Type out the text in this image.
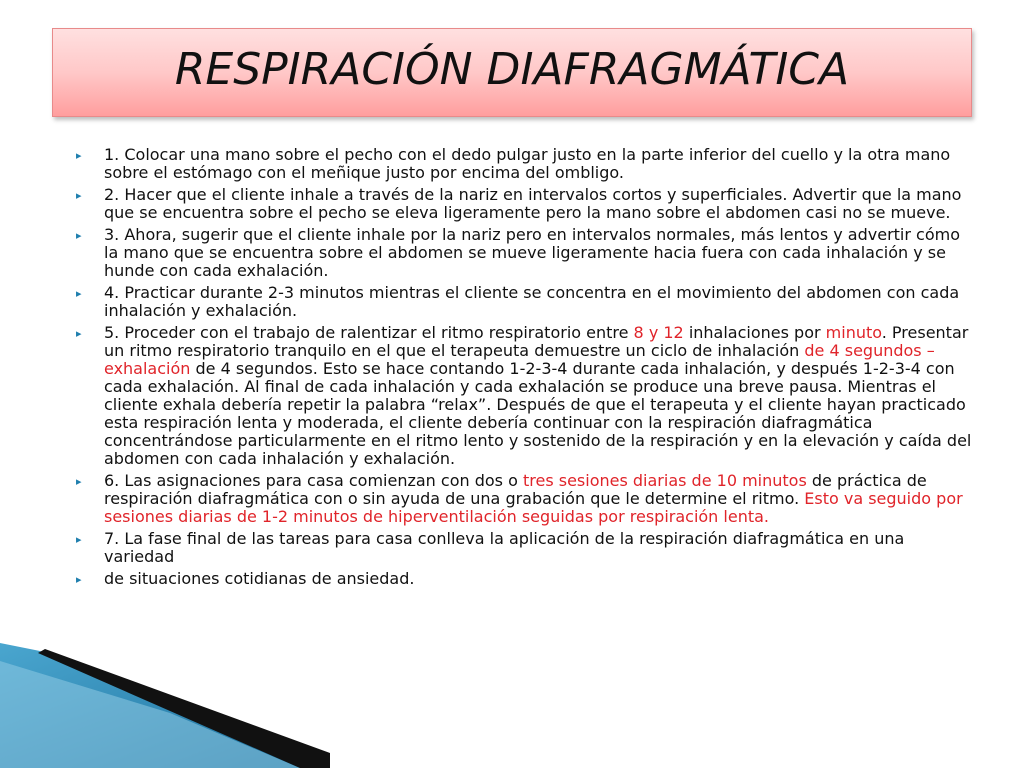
RESPIRACIÓN DIAFRAGMÁTICA
▸	1. Colocar una mano sobre el pecho con el dedo pulgar justo en la parte inferior del cuello y la otra mano sobre el estómago con el meñique justo por encima del ombligo.
▸	2. Hacer que el cliente inhale a través de la nariz en intervalos cortos y superficiales. Advertir que la mano que se encuentra sobre el pecho se eleva ligeramente pero la mano sobre el abdomen casi no se mueve.
▸	3. Ahora, sugerir que el cliente inhale por la nariz pero en intervalos normales, más lentos y advertir cómo la mano que se encuentra sobre el abdomen se mueve ligeramente hacia fuera con cada inhalación y se hunde con cada exhalación.
▸	4. Practicar durante 2-3 minutos mientras el cliente se concentra en el movimiento del abdomen con cada inhalación y exhalación.
▸	5. Proceder con el trabajo de ralentizar el ritmo respiratorio entre 8 y 12 inhalaciones por minuto. Presentar un ritmo respiratorio tranquilo en el que el terapeuta demuestre un ciclo de inhalación de 4 segundos – exhalación de 4 segundos. Esto se hace contando 1-2-3-4 durante cada inhalación, y después 1-2-3-4 con cada exhalación. Al final de cada inhalación y cada exhalación se produce una breve pausa. Mientras el cliente exhala debería repetir la palabra “relax”. Después de que el terapeuta y el cliente hayan practicado esta respiración lenta y moderada, el cliente debería continuar con la respiración diafragmática concentrándose particularmente en el ritmo lento y sostenido de la respiración y en la elevación y caída del abdomen con cada inhalación y exhalación.
▸	6. Las asignaciones para casa comienzan con dos o tres sesiones diarias de 10 minutos de práctica de respiración diafragmática con o sin ayuda de una grabación que le determine el ritmo. Esto va seguido por sesiones diarias de 1-2 minutos de hiperventilación seguidas por respiración lenta.
▸	7. La fase final de las tareas para casa conlleva la aplicación de la respiración diafragmática en una variedad
▸	de situaciones cotidianas de ansiedad.
